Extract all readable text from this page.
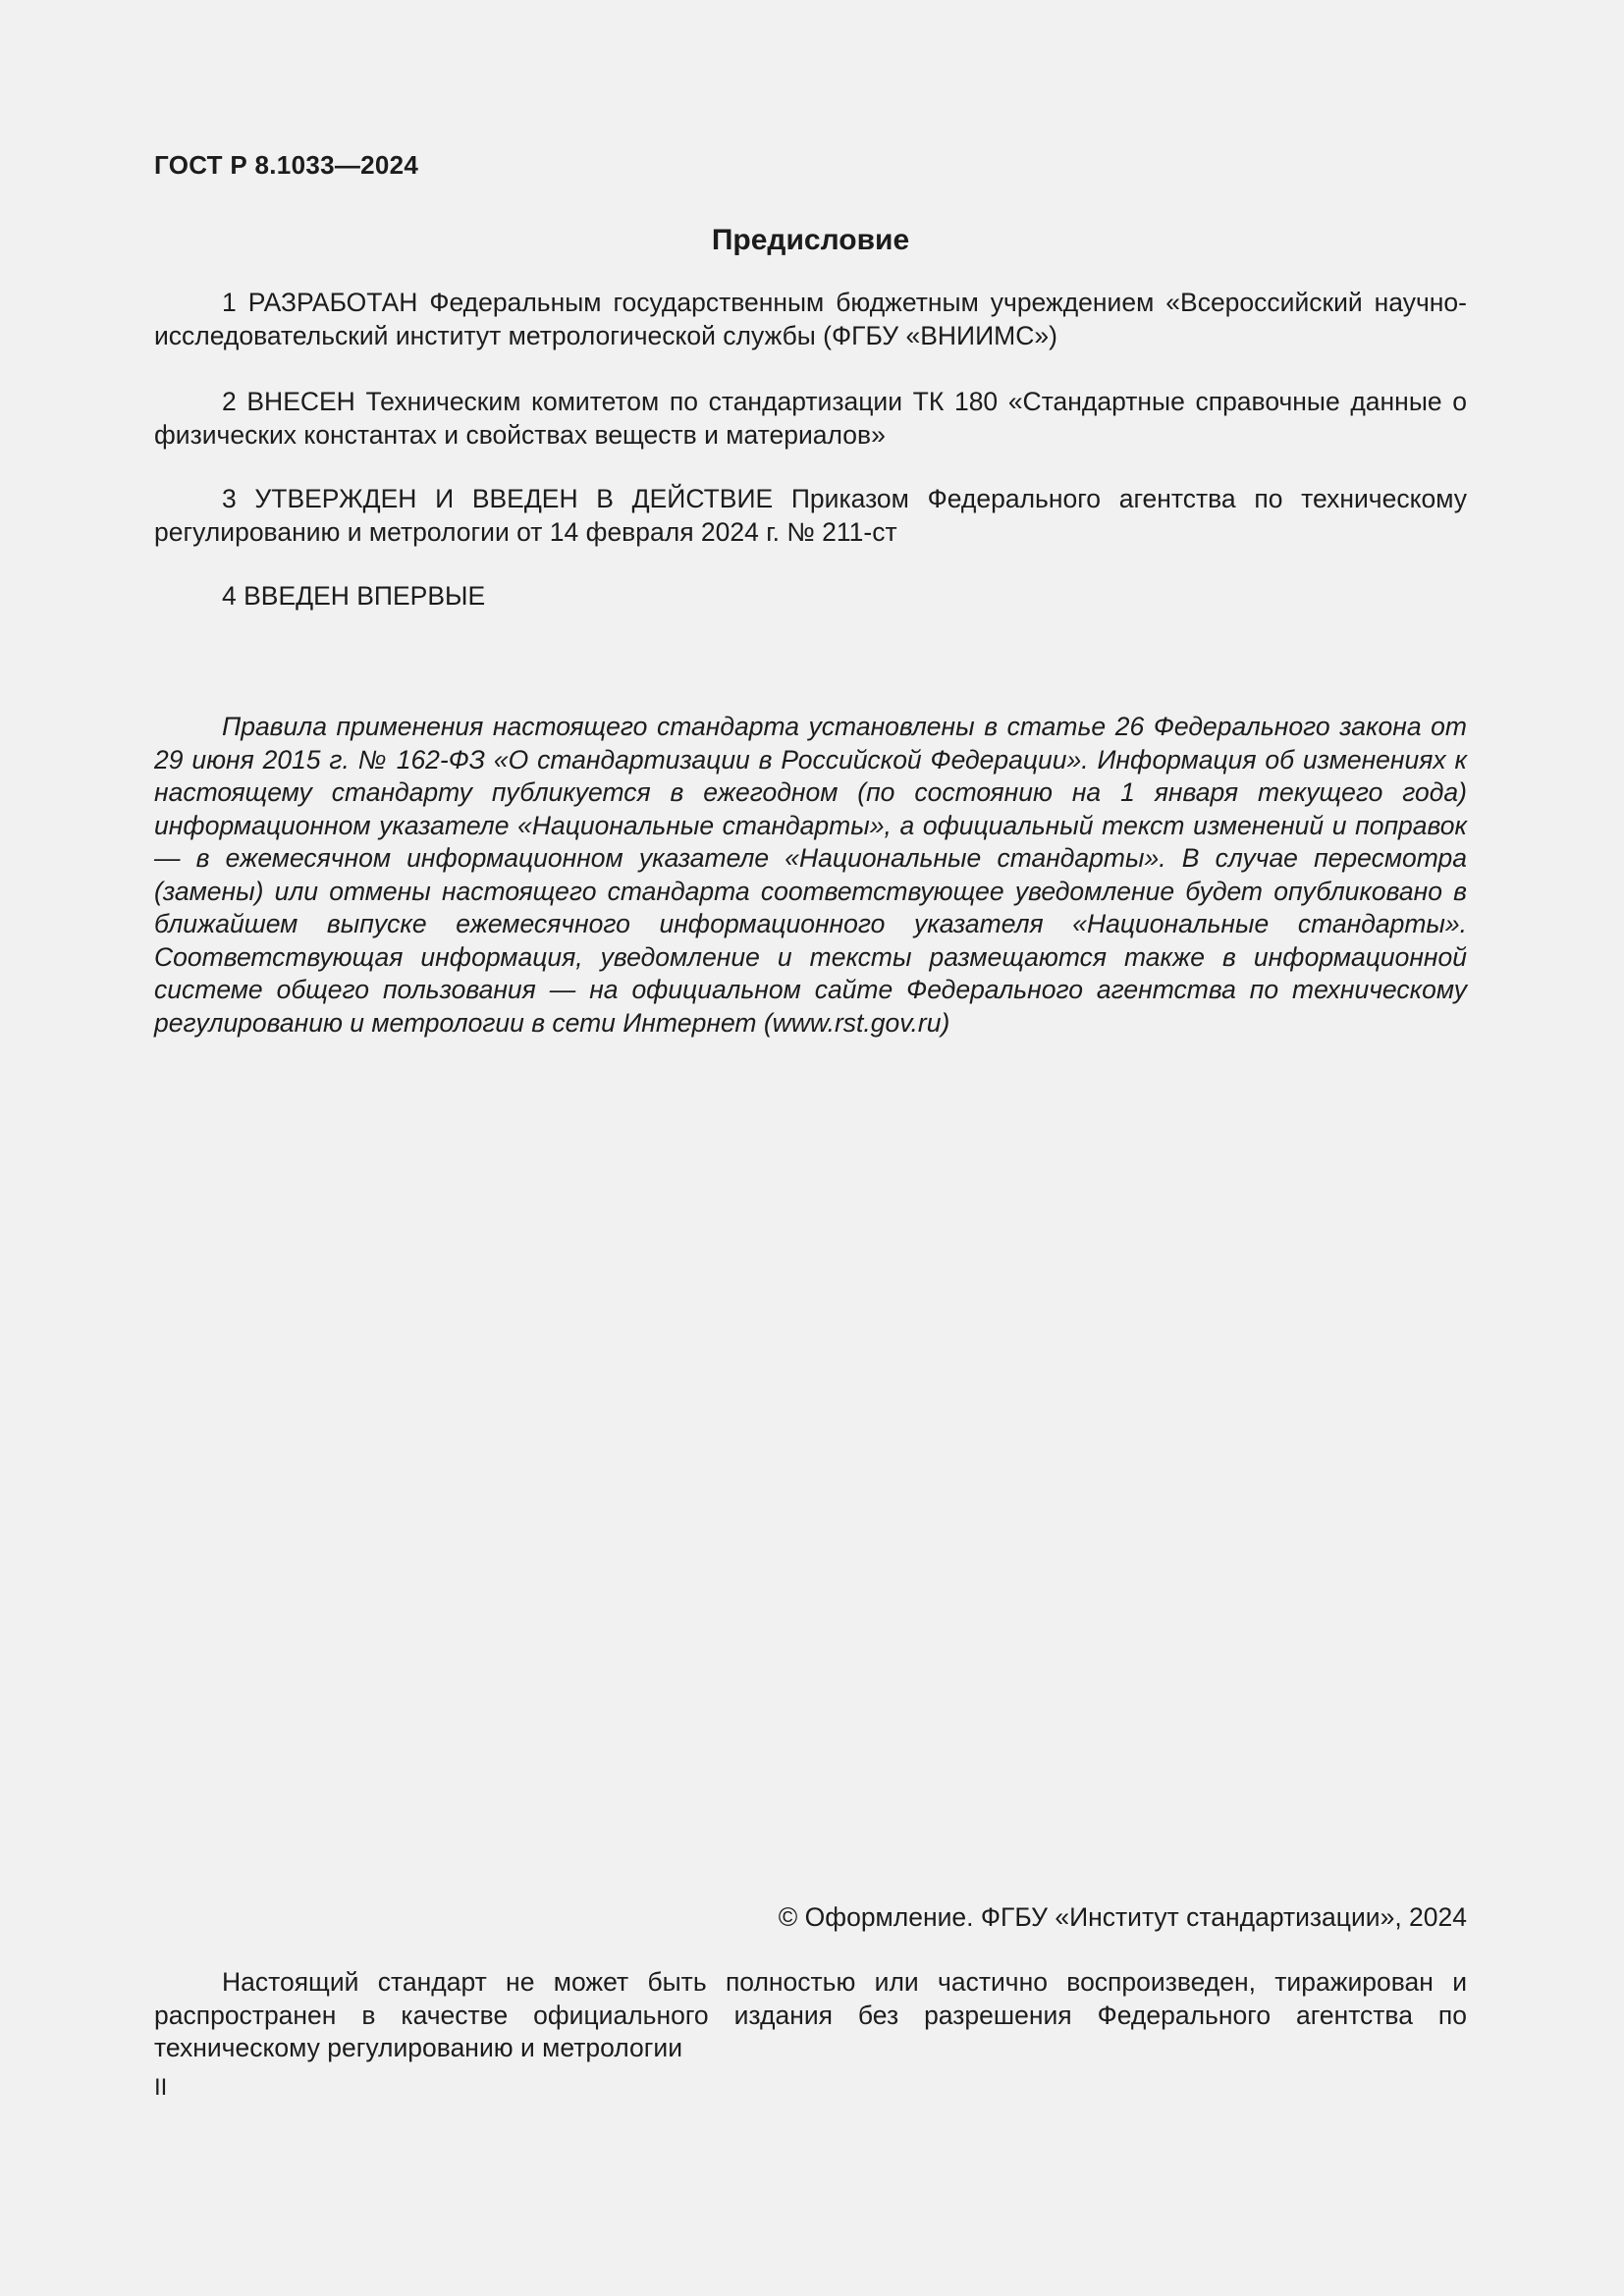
ГОСТ Р 8.1033—2024
Предисловие
1 РАЗРАБОТАН Федеральным государственным бюджетным учреждением «Всероссийский научно-исследовательский институт метрологической службы (ФГБУ «ВНИИМС»)
2 ВНЕСЕН Техническим комитетом по стандартизации ТК 180 «Стандартные справочные данные о физических константах и свойствах веществ и материалов»
3 УТВЕРЖДЕН И ВВЕДЕН В ДЕЙСТВИЕ Приказом Федерального агентства по техническому регулированию и метрологии от 14 февраля 2024 г. № 211-ст
4 ВВЕДЕН ВПЕРВЫЕ
Правила применения настоящего стандарта установлены в статье 26 Федерального закона от 29 июня 2015 г. № 162-ФЗ «О стандартизации в Российской Федерации». Информация об изменениях к настоящему стандарту публикуется в ежегодном (по состоянию на 1 января текущего года) информационном указателе «Национальные стандарты», а официальный текст изменений и поправок — в ежемесячном информационном указателе «Национальные стандарты». В случае пересмотра (замены) или отмены настоящего стандарта соответствующее уведомление будет опубликовано в ближайшем выпуске ежемесячного информационного указателя «Национальные стандарты». Соответствующая информация, уведомление и тексты размещаются также в информационной системе общего пользования — на официальном сайте Федерального агентства по техническому регулированию и метрологии в сети Интернет (www.rst.gov.ru)
© Оформление. ФГБУ «Институт стандартизации», 2024
Настоящий стандарт не может быть полностью или частично воспроизведен, тиражирован и распространен в качестве официального издания без разрешения Федерального агентства по техническому регулированию и метрологии
II
